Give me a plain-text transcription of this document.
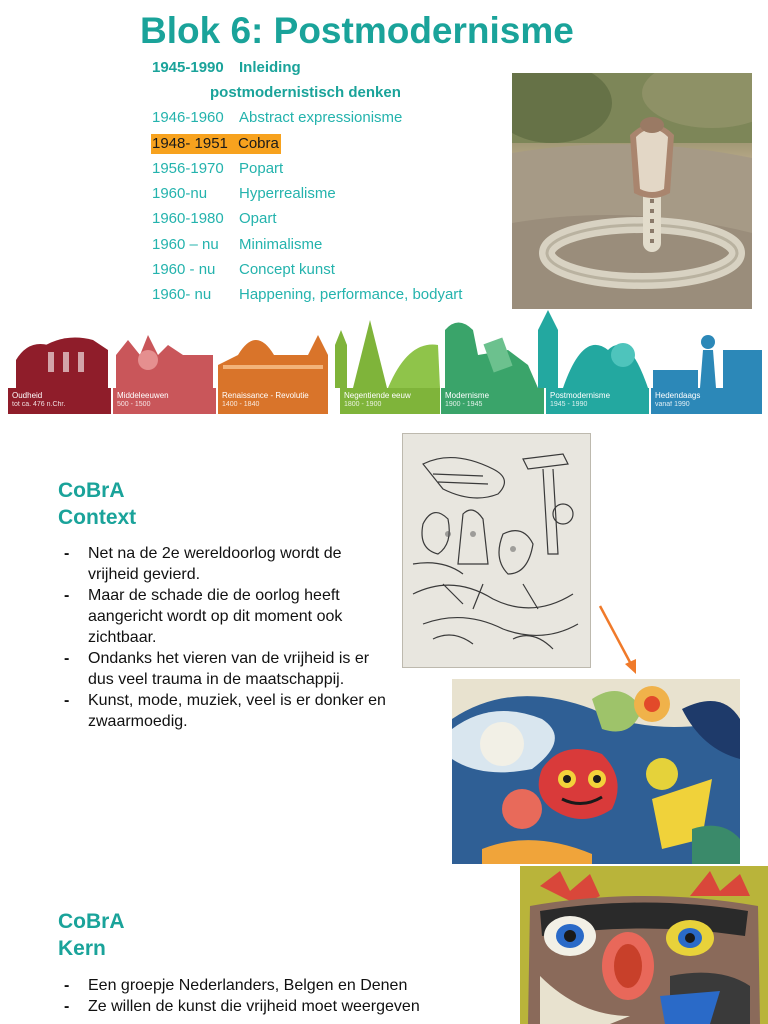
Blok 6: Postmodernisme
1945-1990 Inleiding
postmodernistisch denken
1946-1960 Abstract expressionisme
1948- 1951 Cobra
1956-1970 Popart
1960-nu Hyperrealisme
1960-1980 Opart
1960 – nu Minimalisme
1960 - nu Concept kunst
1960- nu Happening, performance, bodyart
Oudheid
tot ca. 476 n.Chr.
Middeleeuwen
500 - 1500
Renaissance - Revolutie
1400 - 1840
Negentiende eeuw
1800 - 1900
Modernisme
1900 - 1945
Postmodernisme
1945 - 1990
Hedendaags
vanaf 1990
CoBrA
Context
- Net na de 2e wereldoorlog wordt de vrijheid gevierd.
- Maar de schade die de oorlog heeft aangericht wordt op dit moment ook zichtbaar.
- Ondanks het vieren van de vrijheid is er dus veel trauma in de maatschappij.
- Kunst, mode, muziek, veel is er donker en zwaarmoedig.
CoBrA
Kern
- Een groepje Nederlanders, Belgen en Denen
- Ze willen de kunst die vrijheid moet weergeven
